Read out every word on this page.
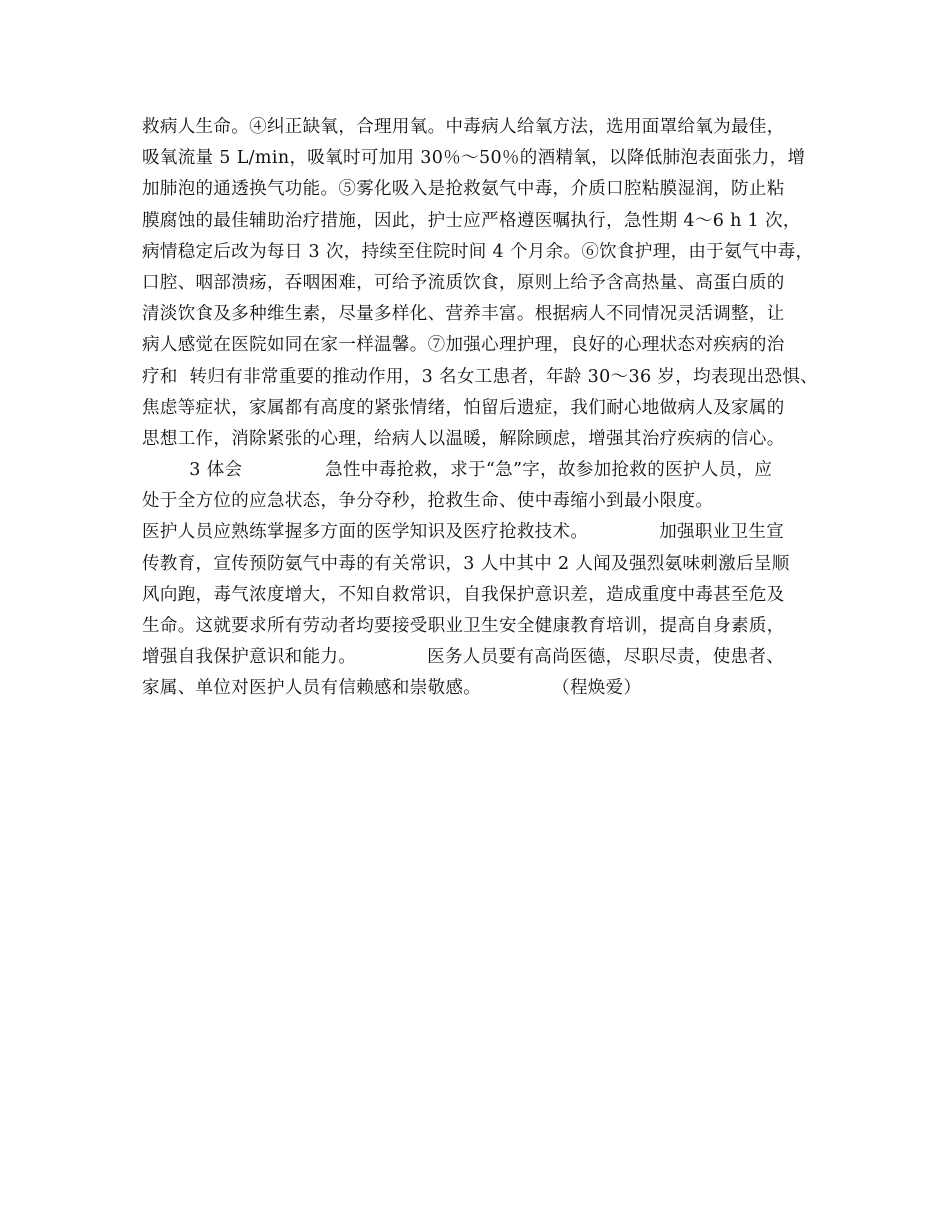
救病人生命。④纠正缺氧，合理用氧。中毒病人给氧方法，选用面罩给氧为最佳，
吸氧流量 5 L/min，吸氧时可加用 30％～50％的酒精氧，以降低肺泡表面张力，增
加肺泡的通透换气功能。⑤雾化吸入是抢救氨气中毒，介质口腔粘膜湿润，防止粘
膜腐蚀的最佳辅助治疗措施，因此，护士应严格遵医嘱执行，急性期 4～6 h 1 次，
病情稳定后改为每日 3 次，持续至住院时间 4 个月余。⑥饮食护理，由于氨气中毒，
口腔、咽部溃疡，吞咽困难，可给予流质饮食，原则上给予含高热量、高蛋白质的
清淡饮食及多种维生素，尽量多样化、营养丰富。根据病人不同情况灵活调整，让
病人感觉在医院如同在家一样温馨。⑦加强心理护理，良好的心理状态对疾病的治
疗和  转归有非常重要的推动作用，3 名女工患者，年龄 30～36 岁，均表现出恐惧、
焦虑等症状，家属都有高度的紧张情绪，怕留后遗症，我们耐心地做病人及家属的
思想工作，消除紧张的心理，给病人以温暖，解除顾虑，增强其治疗疾病的信心。
3 体会              急性中毒抢救，求于“急”字，故参加抢救的医护人员，应
处于全方位的应急状态，争分夺秒，抢救生命、使中毒缩小到最小限度。
医护人员应熟练掌握多方面的医学知识及医疗抢救技术。            加强职业卫生宣
传教育，宣传预防氨气中毒的有关常识，3 人中其中 2 人闻及强烈氨味刺激后呈顺
风向跑，毒气浓度增大，不知自救常识，自我保护意识差，造成重度中毒甚至危及
生命。这就要求所有劳动者均要接受职业卫生安全健康教育培训，提高自身素质，
增强自我保护意识和能力。            医务人员要有高尚医德，尽职尽责，使患者、
家属、单位对医护人员有信赖感和崇敬感。            （程焕爱）
